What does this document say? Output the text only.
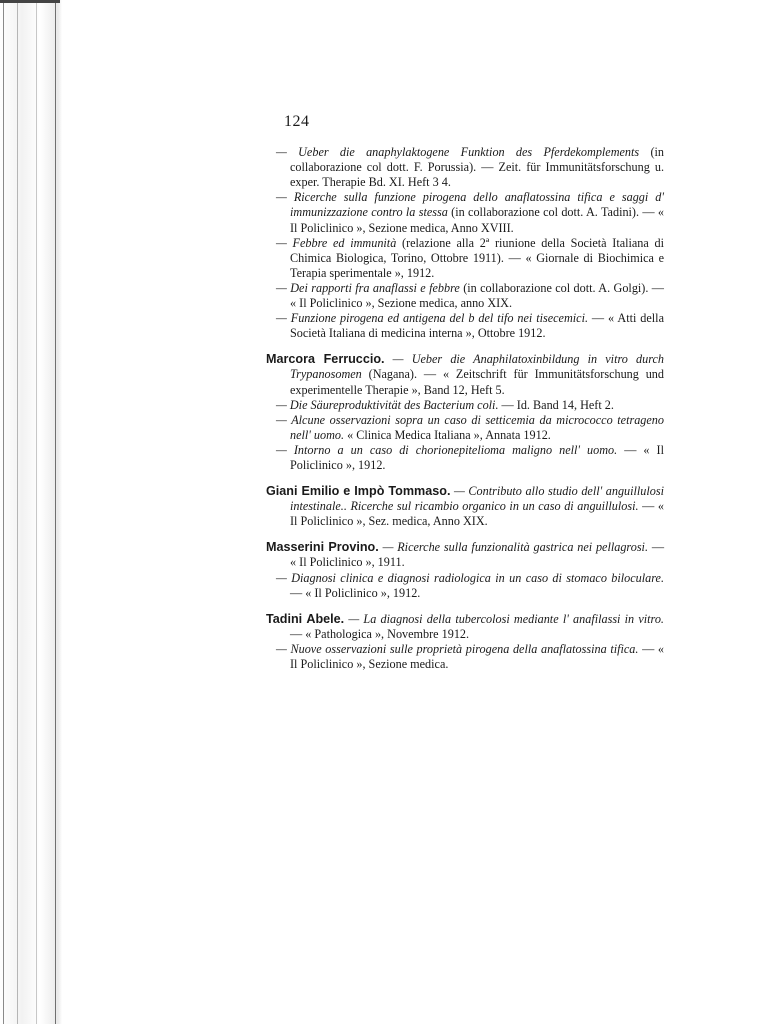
124

— Ueber die anaphylaktogene Funktion des Pferdekomplements (in collaborazione col dott. F. Porussia). — Zeit. für Immunitätsforschung u. exper. Therapie Bd. XI. Heft 3 4.

— Ricerche sulla funzione pirogena dello anaflatossina tifica e saggi d' immunizzazione contro la stessa (in collaborazione col dott. A. Tadini). — « Il Policlinico », Sezione medica, Anno XVIII.

— Febbre ed immunità (relazione alla 2ª riunione della Società Italiana di Chimica Biologica, Torino, Ottobre 1911). — « Giornale di Biochimica e Terapia sperimentale », 1912.

— Dei rapporti fra anaflassi e febbre (in collaborazione col dott. A. Golgi). — « Il Policlinico », Sezione medica, anno XIX.

— Funzione pirogena ed antigena del b del tifo nei tisecemici. — « Atti della Società Italiana di medicina interna », Ottobre 1912.

Marcora Ferruccio. — Ueber die Anaphilatoxinbildung in vitro durch Trypanosomen (Nagana). — « Zeitschrift für Immunitätsforschung und experimentelle Therapie », Band 12, Heft 5.

— Die Säureproduktivität des Bacterium coli. — Id. Band 14, Heft 2.

— Alcune osservazioni sopra un caso di setticemia da micrococco tetrageno nell' uomo. « Clinica Medica Italiana », Annata 1912.

— Intorno a un caso di chorionepitelioma maligno nell' uomo. — « Il Policlinico », 1912.

Giani Emilio e Impò Tommaso. — Contributo allo studio dell' anguillulosi intestinale.. Ricerche sul ricambio organico in un caso di anguillulosi. — « Il Policlinico », Sez. medica, Anno XIX.

Masserini Provino. — Ricerche sulla funzionalità gastrica nei pellagrosi. — « Il Policlinico », 1911.

— Diagnosi clinica e diagnosi radiologica in un caso di stomaco biloculare. — « Il Policlinico », 1912.

Tadini Abele. — La diagnosi della tubercolosi mediante l' anafilassi in vitro. — « Pathologica », Novembre 1912.

— Nuove osservazioni sulle proprietà pirogena della anaflatossina tifica. — « Il Policlinico », Sezione medica.
